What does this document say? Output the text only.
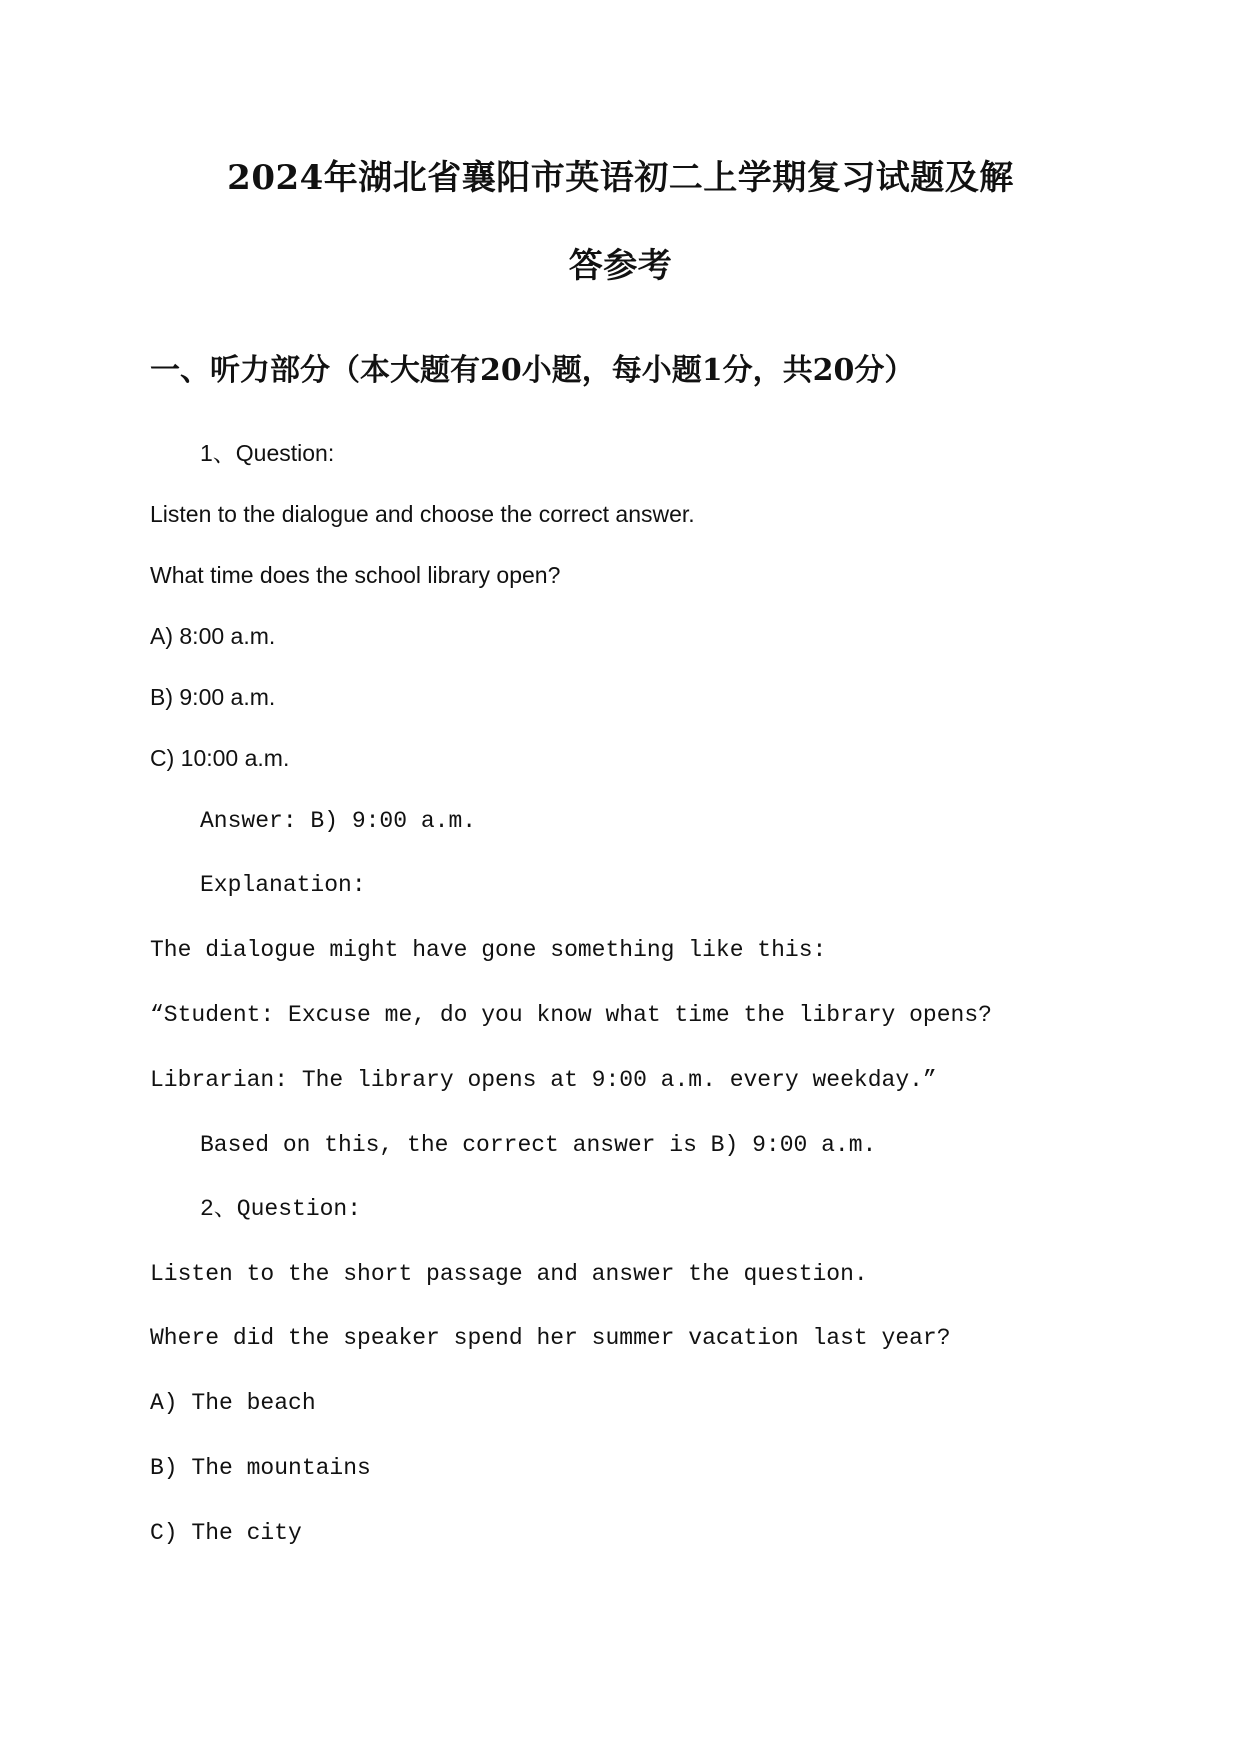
2024年湖北省襄阳市英语初二上学期复习试题及解
答参考
一、听力部分（本大题有20小题，每小题1分，共20分）
1、Question:
Listen to the dialogue and choose the correct answer.
What time does the school library open?
A) 8:00 a.m.
B) 9:00 a.m.
C) 10:00 a.m.
Answer: B) 9:00 a.m.
Explanation:
The dialogue might have gone something like this:
“Student: Excuse me, do you know what time the library opens?
Librarian: The library opens at 9:00 a.m. every weekday.”
Based on this, the correct answer is B) 9:00 a.m.
2、Question:
Listen to the short passage and answer the question.
Where did the speaker spend her summer vacation last year?
A) The beach
B) The mountains
C) The city
